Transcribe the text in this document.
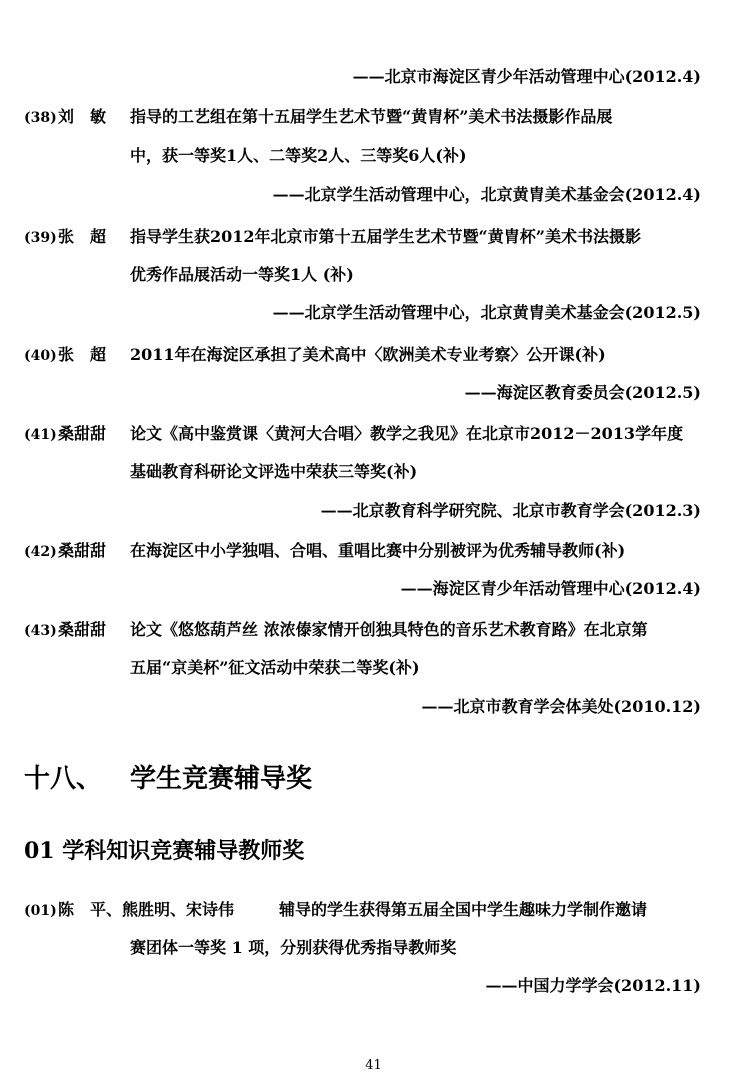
——北京市海淀区青少年活动管理中心(2012.4)
(38) 刘　敏 指导的工艺组在第十五届学生艺术节暨“黄胄杯”美术书法摄影作品展
中，获一等奖1人、二等奖2人、三等奖6人(补)
——北京学生活动管理中心，北京黄胄美术基金会(2012.4)
(39) 张　超 指导学生获2012年北京市第十五届学生艺术节暨“黄胄杯”美术书法摄影
优秀作品展活动一等奖1人 (补)
——北京学生活动管理中心，北京黄胄美术基金会(2012.5)
(40) 张　超 2011年在海淀区承担了美术高中〈欧洲美术专业考察〉公开课(补)
——海淀区教育委员会(2012.5)
(41) 桑甜甜 论文《高中鉴赏课〈黄河大合唱〉教学之我见》在北京市2012－2013学年度
基础教育科研论文评选中荣获三等奖(补)
——北京教育科学研究院、北京市教育学会(2012.3)
(42) 桑甜甜 在海淀区中小学独唱、合唱、重唱比赛中分别被评为优秀辅导教师(补)
——海淀区青少年活动管理中心(2012.4)
(43) 桑甜甜 论文《悠悠葫芦丝 浓浓傣家情开创独具特色的音乐艺术教育路》在北京第
五届“京美杯”征文活动中荣获二等奖(补)
——北京市教育学会体美处(2010.12)
十八、 学生竞赛辅导奖
01 学科知识竞赛辅导教师奖
(01) 陈　平、熊胜明、宋诗伟	辅导的学生获得第五届全国中学生趣味力学制作邀请
赛团体一等奖 1 项，分别获得优秀指导教师奖
——中国力学学会(2012.11)
41
